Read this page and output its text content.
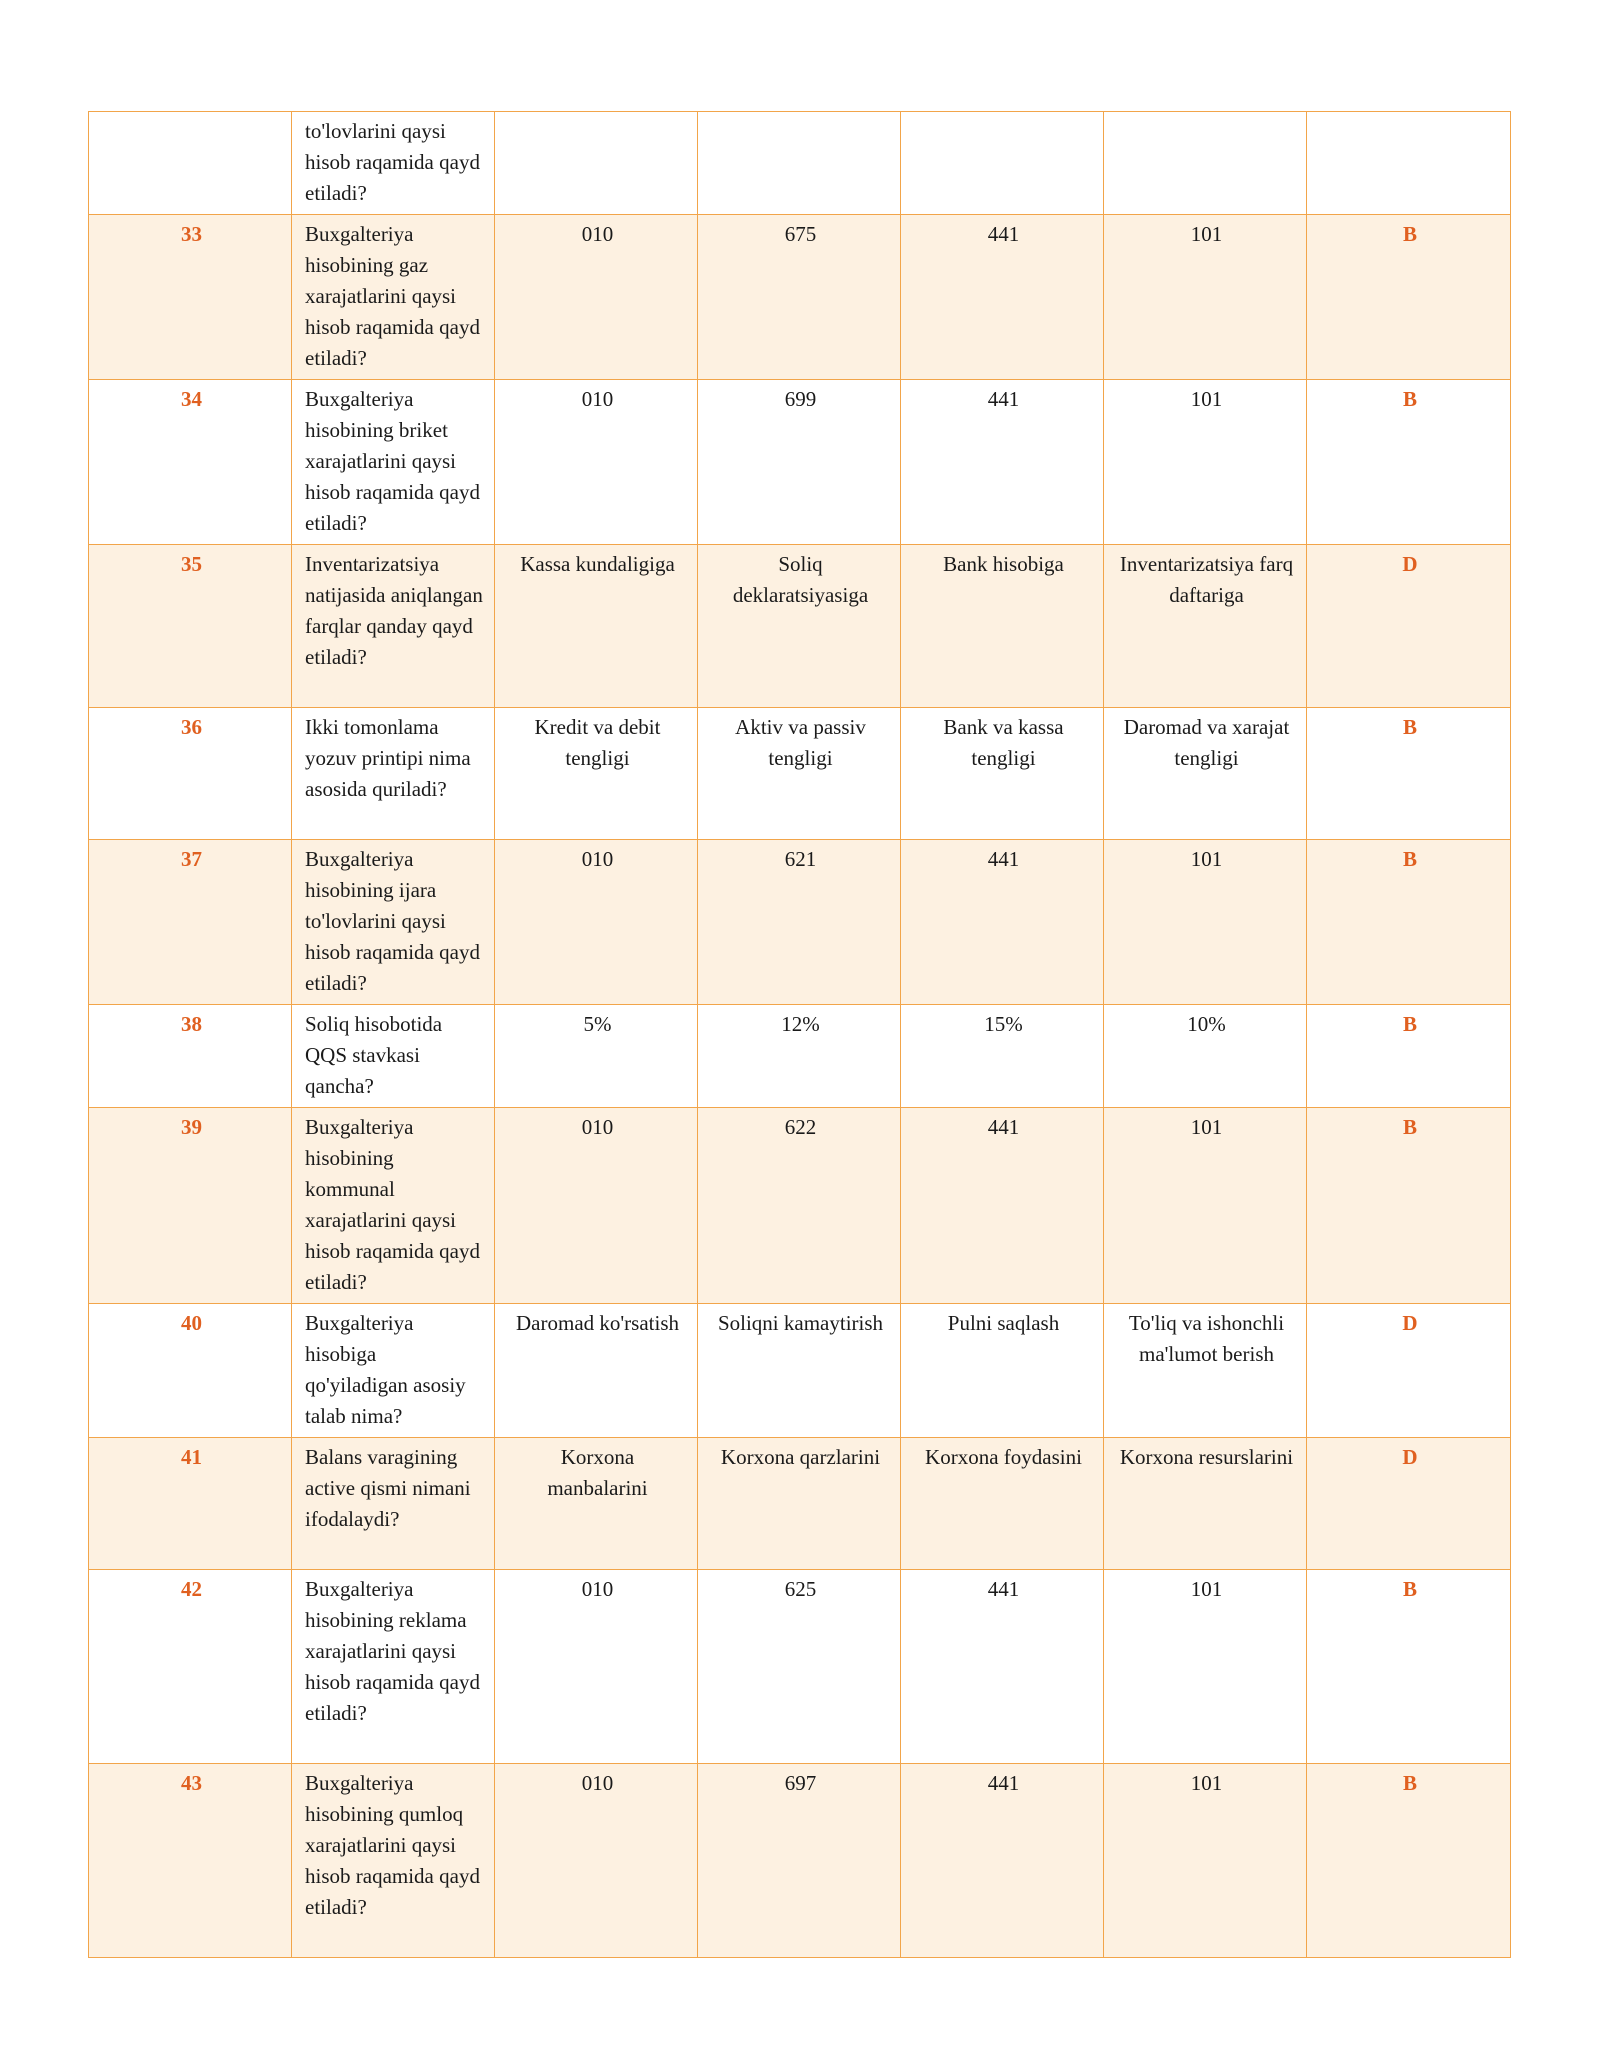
	to'lovlarini qaysi hisob raqamida qayd etiladi?					
33	Buxgalteriya hisobining gaz xarajatlarini qaysi hisob raqamida qayd etiladi?	010	675	441	101	B
34	Buxgalteriya hisobining briket xarajatlarini qaysi hisob raqamida qayd etiladi?	010	699	441	101	B
35	Inventarizatsiya natijasida aniqlangan farqlar qanday qayd etiladi?	Kassa kundaligiga	Soliq deklaratsiyasiga	Bank hisobiga	Inventarizatsiya farq daftariga	D
36	Ikki tomonlama yozuv printipi nima asosida quriladi?	Kredit va debit tengligi	Aktiv va passiv tengligi	Bank va kassa tengligi	Daromad va xarajat tengligi	B
37	Buxgalteriya hisobining ijara to'lovlarini qaysi hisob raqamida qayd etiladi?	010	621	441	101	B
38	Soliq hisobotida QQS stavkasi qancha?	5%	12%	15%	10%	B
39	Buxgalteriya hisobining kommunal xarajatlarini qaysi hisob raqamida qayd etiladi?	010	622	441	101	B
40	Buxgalteriya hisobiga qo'yiladigan asosiy talab nima?	Daromad ko'rsatish	Soliqni kamaytirish	Pulni saqlash	To'liq va ishonchli ma'lumot berish	D
41	Balans varagining active qismi nimani ifodalaydi?	Korxona manbalarini	Korxona qarzlarini	Korxona foydasini	Korxona resurslarini	D
42	Buxgalteriya hisobining reklama xarajatlarini qaysi hisob raqamida qayd etiladi?	010	625	441	101	B
43	Buxgalteriya hisobining qumloq xarajatlarini qaysi hisob raqamida qayd etiladi?	010	697	441	101	B
